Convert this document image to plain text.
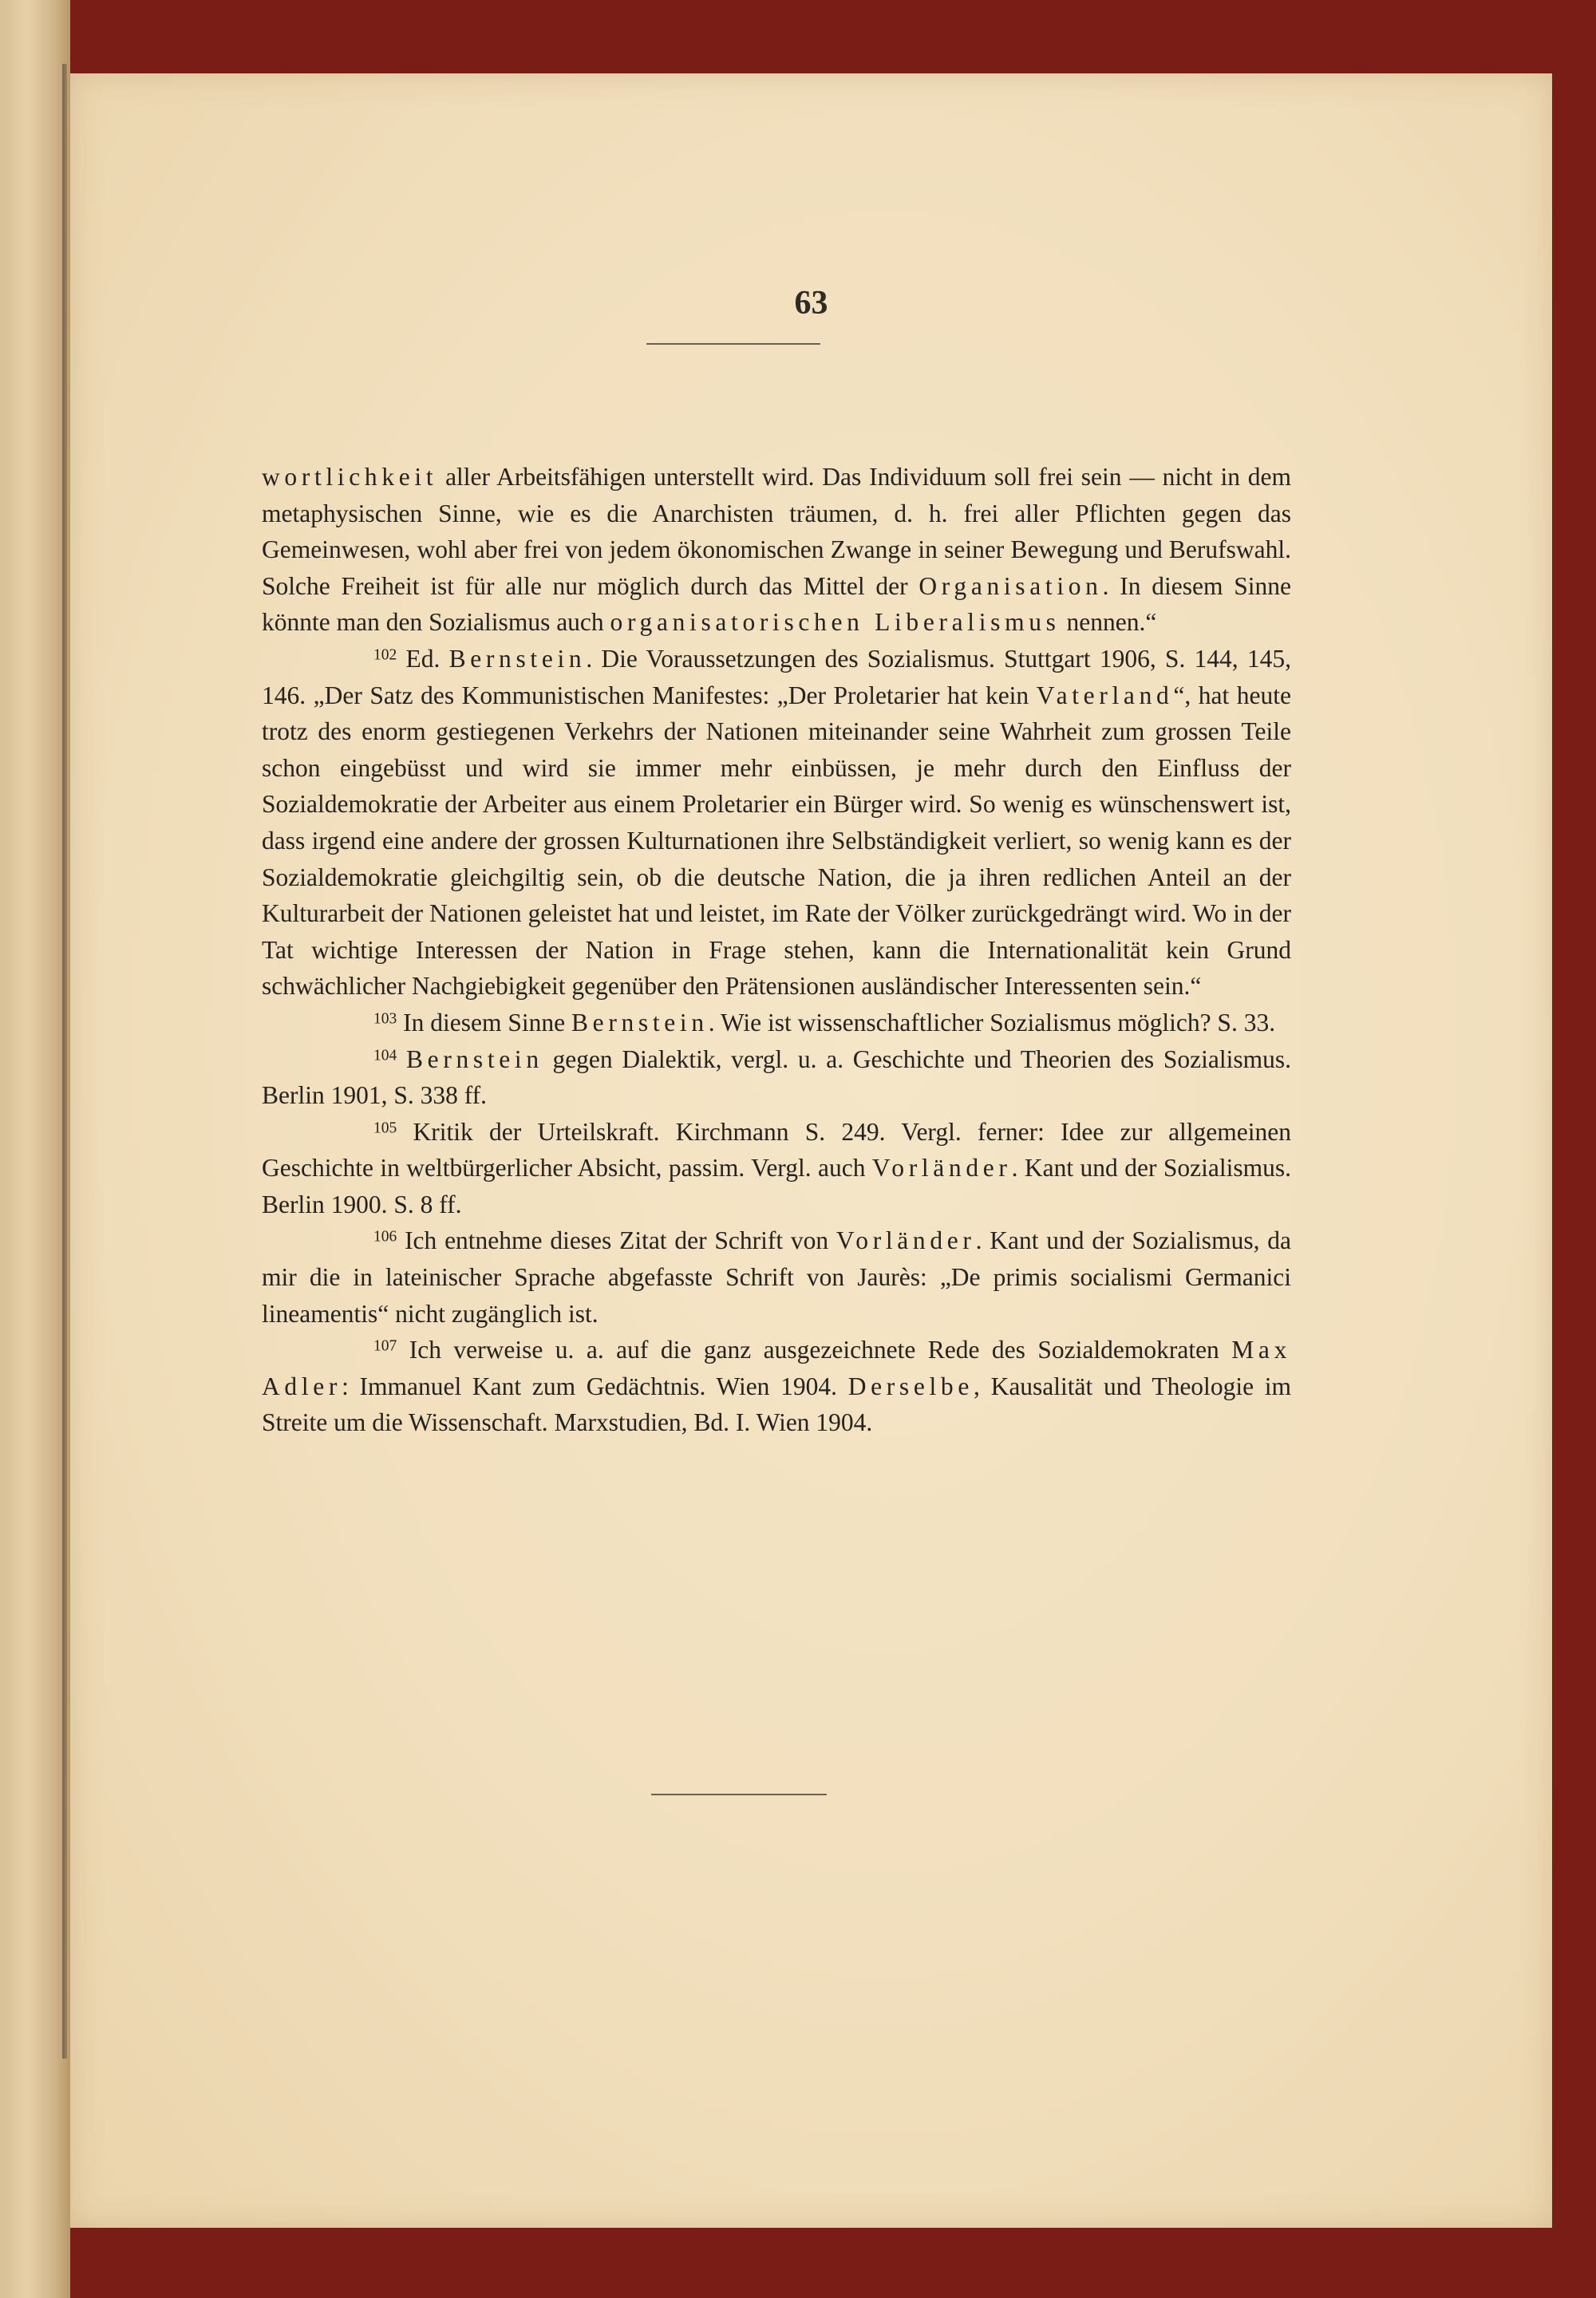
63

wortlichkeit aller Arbeitsfähigen unterstellt wird. Das Individuum soll frei sein — nicht in dem metaphysischen Sinne, wie es die Anarchisten träumen, d. h. frei aller Pflichten gegen das Gemeinwesen, wohl aber frei von jedem ökonomischen Zwange in seiner Bewegung und Berufswahl. Solche Freiheit ist für alle nur möglich durch das Mittel der Organisation. In diesem Sinne könnte man den Sozialismus auch organisatorischen Liberalismus nennen.“

$^{102}$ Ed. Bernstein. Die Voraussetzungen des Sozialismus. Stuttgart 1906, S. 144, 145, 146. „Der Satz des Kommunistischen Manifestes: „Der Proletarier hat kein Vaterland“, hat heute trotz des enorm gestiegenen Verkehrs der Nationen miteinander seine Wahrheit zum grossen Teile schon eingebüsst und wird sie immer mehr einbüssen, je mehr durch den Einfluss der Sozialdemokratie der Arbeiter aus einem Proletarier ein Bürger wird. So wenig es wünschenswert ist, dass irgend eine andere der grossen Kulturnationen ihre Selbständigkeit verliert, so wenig kann es der Sozialdemokratie gleichgiltig sein, ob die deutsche Nation, die ja ihren redlichen Anteil an der Kulturarbeit der Nationen geleistet hat und leistet, im Rate der Völker zurückgedrängt wird. Wo in der Tat wichtige Interessen der Nation in Frage stehen, kann die Internationalität kein Grund schwächlicher Nachgiebigkeit gegenüber den Prätensionen ausländischer Interessenten sein.“

$^{103}$ In diesem Sinne Bernstein. Wie ist wissenschaftlicher Sozialismus möglich? S. 33.

$^{104}$ Bernstein gegen Dialektik, vergl. u. a. Geschichte und Theorien des Sozialismus. Berlin 1901, S. 338 ff.

$^{105}$ Kritik der Urteilskraft. Kirchmann S. 249. Vergl. ferner: Idee zur allgemeinen Geschichte in weltbürgerlicher Absicht, passim. Vergl. auch Vorländer. Kant und der Sozialismus. Berlin 1900. S. 8 ff.

$^{106}$ Ich entnehme dieses Zitat der Schrift von Vorländer. Kant und der Sozialismus, da mir die in lateinischer Sprache abgefasste Schrift von Jaurès: „De primis socialismi Germanici lineamentis“ nicht zugänglich ist.

$^{107}$ Ich verweise u. a. auf die ganz ausgezeichnete Rede des Sozialdemokraten Max Adler: Immanuel Kant zum Gedächtnis. Wien 1904. Derselbe, Kausalität und Theologie im Streite um die Wissenschaft. Marxstudien, Bd. I. Wien 1904.
